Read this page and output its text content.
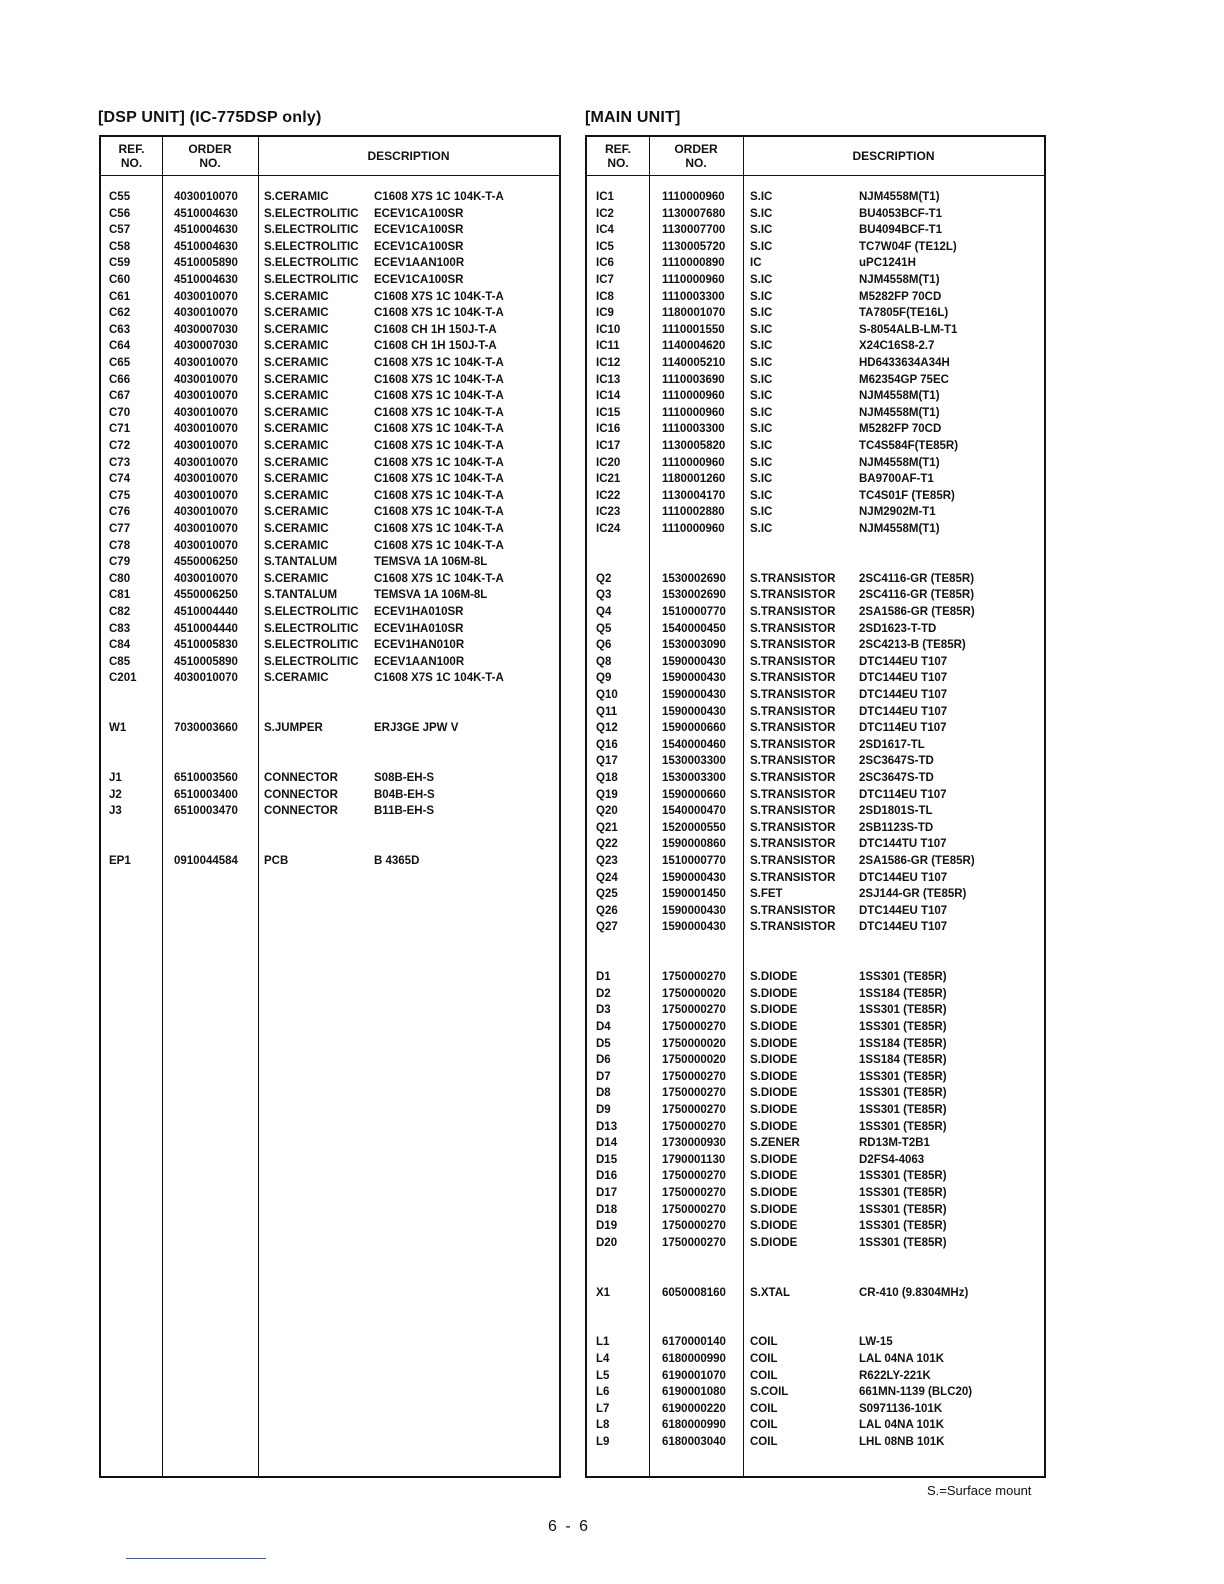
[DSP UNIT] (IC-775DSP only)
REF.
NO.
ORDER
NO.	DESCRIPTION
C55	4030010070 S.CERAMIC	C1608 X7S 1C 104K-T-A
C56	4510004630 S.ELECTROLITIC ECEV1CA100SR
C57	4510004630 S.ELECTROLITIC ECEV1CA100SR
C58	4510004630 S.ELECTROLITIC ECEV1CA100SR
C59	4510005890 S.ELECTROLITIC ECEV1AAN100R
C60	4510004630 S.ELECTROLITIC ECEV1CA100SR
C61	4030010070 S.CERAMIC	C1608 X7S 1C 104K-T-A
C62	4030010070 S.CERAMIC	C1608 X7S 1C 104K-T-A
C63	4030007030 S.CERAMIC	C1608 CH 1H 150J-T-A
C64	4030007030 S.CERAMIC	C1608 CH 1H 150J-T-A
C65	4030010070 S.CERAMIC	C1608 X7S 1C 104K-T-A
C66	4030010070 S.CERAMIC	C1608 X7S 1C 104K-T-A
C67	4030010070 S.CERAMIC	C1608 X7S 1C 104K-T-A
C70	4030010070 S.CERAMIC	C1608 X7S 1C 104K-T-A
C71	4030010070 S.CERAMIC	C1608 X7S 1C 104K-T-A
C72	4030010070 S.CERAMIC	C1608 X7S 1C 104K-T-A
C73	4030010070 S.CERAMIC	C1608 X7S 1C 104K-T-A
C74	4030010070 S.CERAMIC	C1608 X7S 1C 104K-T-A
C75	4030010070 S.CERAMIC	C1608 X7S 1C 104K-T-A
C76	4030010070 S.CERAMIC	C1608 X7S 1C 104K-T-A
C77	4030010070 S.CERAMIC	C1608 X7S 1C 104K-T-A
C78	4030010070 S.CERAMIC	C1608 X7S 1C 104K-T-A
C79	4550006250 S.TANTALUM	TEMSVA 1A 106M-8L
C80	4030010070 S.CERAMIC	C1608 X7S 1C 104K-T-A
C81	4550006250 S.TANTALUM	TEMSVA 1A 106M-8L
C82	4510004440 S.ELECTROLITIC ECEV1HA010SR
C83	4510004440 S.ELECTROLITIC ECEV1HA010SR
C84	4510005830 S.ELECTROLITIC ECEV1HAN010R
C85	4510005890 S.ELECTROLITIC ECEV1AAN100R
C201	4030010070 S.CERAMIC	C1608 X7S 1C 104K-T-A
W1	7030003660 S.JUMPER	ERJ3GE JPW V
J1	6510003560 CONNECTOR	S08B-EH-S
J2	6510003400 CONNECTOR	B04B-EH-S
J3	6510003470 CONNECTOR	B11B-EH-S
EP1	0910044584 PCB	B 4365D
[MAIN UNIT]
REF.
NO.
ORDER
NO.	DESCRIPTION
IC1	1110000960 S.IC	NJM4558M(T1)
IC2	1130007680 S.IC	BU4053BCF-T1
IC4	1130007700 S.IC	BU4094BCF-T1
IC5	1130005720 S.IC	TC7W04F (TE12L)
IC6	1110000890 IC	uPC1241H
IC7	1110000960 S.IC	NJM4558M(T1)
IC8	1110003300 S.IC	M5282FP 70CD
IC9	1180001070 S.IC	TA7805F(TE16L)
IC10	1110001550 S.IC	S-8054ALB-LM-T1
IC11	1140004620 S.IC	X24C16S8-2.7
IC12	1140005210 S.IC	HD6433634A34H
IC13	1110003690 S.IC	M62354GP 75EC
IC14	1110000960 S.IC	NJM4558M(T1)
IC15	1110000960 S.IC	NJM4558M(T1)
IC16	1110003300 S.IC	M5282FP 70CD
IC17	1130005820 S.IC	TC4S584F(TE85R)
IC20	1110000960 S.IC	NJM4558M(T1)
IC21	1180001260 S.IC	BA9700AF-T1
IC22	1130004170 S.IC	TC4S01F (TE85R)
IC23	1110002880 S.IC	NJM2902M-T1
IC24	1110000960 S.IC	NJM4558M(T1)
Q2	1530002690 S.TRANSISTOR 2SC4116-GR (TE85R)
Q3	1530002690 S.TRANSISTOR 2SC4116-GR (TE85R)
Q4	1510000770 S.TRANSISTOR 2SA1586-GR (TE85R)
Q5	1540000450 S.TRANSISTOR 2SD1623-T-TD
Q6	1530003090 S.TRANSISTOR 2SC4213-B (TE85R)
Q8	1590000430 S.TRANSISTOR DTC144EU T107
Q9	1590000430 S.TRANSISTOR DTC144EU T107
Q10	1590000430 S.TRANSISTOR DTC144EU T107
Q11	1590000430 S.TRANSISTOR DTC144EU T107
Q12	1590000660 S.TRANSISTOR DTC114EU T107
Q16	1540000460 S.TRANSISTOR 2SD1617-TL
Q17	1530003300 S.TRANSISTOR 2SC3647S-TD
Q18	1530003300 S.TRANSISTOR 2SC3647S-TD
Q19	1590000660 S.TRANSISTOR DTC114EU T107
Q20	1540000470 S.TRANSISTOR 2SD1801S-TL
Q21	1520000550 S.TRANSISTOR 2SB1123S-TD
Q22	1590000860 S.TRANSISTOR DTC144TU T107
Q23	1510000770 S.TRANSISTOR 2SA1586-GR (TE85R)
Q24	1590000430 S.TRANSISTOR DTC144EU T107
Q25	1590001450 S.FET	2SJ144-GR (TE85R)
Q26	1590000430 S.TRANSISTOR DTC144EU T107
Q27	1590000430 S.TRANSISTOR DTC144EU T107
D1	1750000270 S.DIODE	1SS301 (TE85R)
D2	1750000020 S.DIODE	1SS184 (TE85R)
D3	1750000270 S.DIODE	1SS301 (TE85R)
D4	1750000270 S.DIODE	1SS301 (TE85R)
D5	1750000020 S.DIODE	1SS184 (TE85R)
D6	1750000020 S.DIODE	1SS184 (TE85R)
D7	1750000270 S.DIODE	1SS301 (TE85R)
D8	1750000270 S.DIODE	1SS301 (TE85R)
D9	1750000270 S.DIODE	1SS301 (TE85R)
D13	1750000270 S.DIODE	1SS301 (TE85R)
D14	1730000930 S.ZENER	RD13M-T2B1
D15	1790001130 S.DIODE	D2FS4-4063
D16	1750000270 S.DIODE	1SS301 (TE85R)
D17	1750000270 S.DIODE	1SS301 (TE85R)
D18	1750000270 S.DIODE	1SS301 (TE85R)
D19	1750000270 S.DIODE	1SS301 (TE85R)
D20	1750000270 S.DIODE	1SS301 (TE85R)
X1	6050008160 S.XTAL	CR-410 (9.8304MHz)
L1	6170000140 COIL	LW-15
L4	6180000990 COIL	LAL 04NA 101K
L5	6190001070 COIL	R622LY-221K
L6	6190001080 S.COIL	661MN-1139 (BLC20)
L7	6190000220 COIL	S0971136-101K
L8	6180000990 COIL	LAL 04NA 101K
L9	6180003040 COIL	LHL 08NB 101K
S.=Surface mount
6 - 6
